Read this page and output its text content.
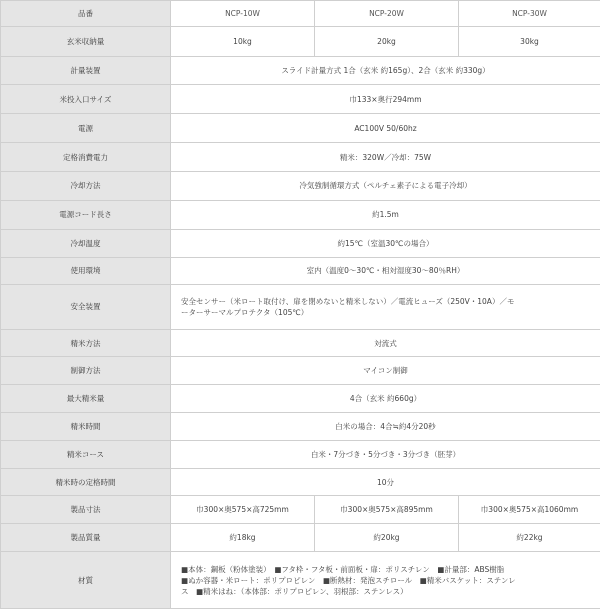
品番	NCP-10W	NCP-20W	NCP-30W
玄米収納量	10kg	20kg	30kg
計量装置	スライド計量方式 1合（玄米 約165g）、2合（玄米 約330g）		
米投入口サイズ	巾133×奥行294mm		
電源	AC100V 50/60hz		
定格消費電力	精米：320W／冷却：75W		
冷却方法	冷気強制循環方式（ペルチェ素子による電子冷却）		
電源コード長さ	約1.5m		
冷却温度	約15℃（室温30℃の場合）		
使用環境	室内（温度0～30℃・相対湿度30～80％RH）		
安全装置	安全センサー（米ロート取付け、扉を閉めないと精米しない）／電流ヒューズ（250V・10A）／モ
ーターサーマルプロテクタ（105℃）		

精米方法	対流式		
制御方法	マイコン制御		
最大精米量	4合（玄米 約660g）		
精米時間	白米の場合：4合≒約4分20秒		
精米コース	白米・7分づき・5分づき・3分づき（胚芽）		
精米時の定格時間	10分		
製品寸法	巾300×奥575×高725mm	巾300×奥575×高895mm	巾300×奥575×高1060mm
製品質量	約18kg	約20kg	約22kg
材質	■本体：鋼板（粉体塗装）　■フタ枠・フタ板・前面板・扉：ポリスチレン　■計量部：ABS樹脂
■ぬか容器・米ロート：ポリプロピレン　■断熱材：発泡スチロール　■精米バスケット：ステンレ
ス　■精米はね：（本体部：ポリプロピレン、羽根部：ステンレス）		
